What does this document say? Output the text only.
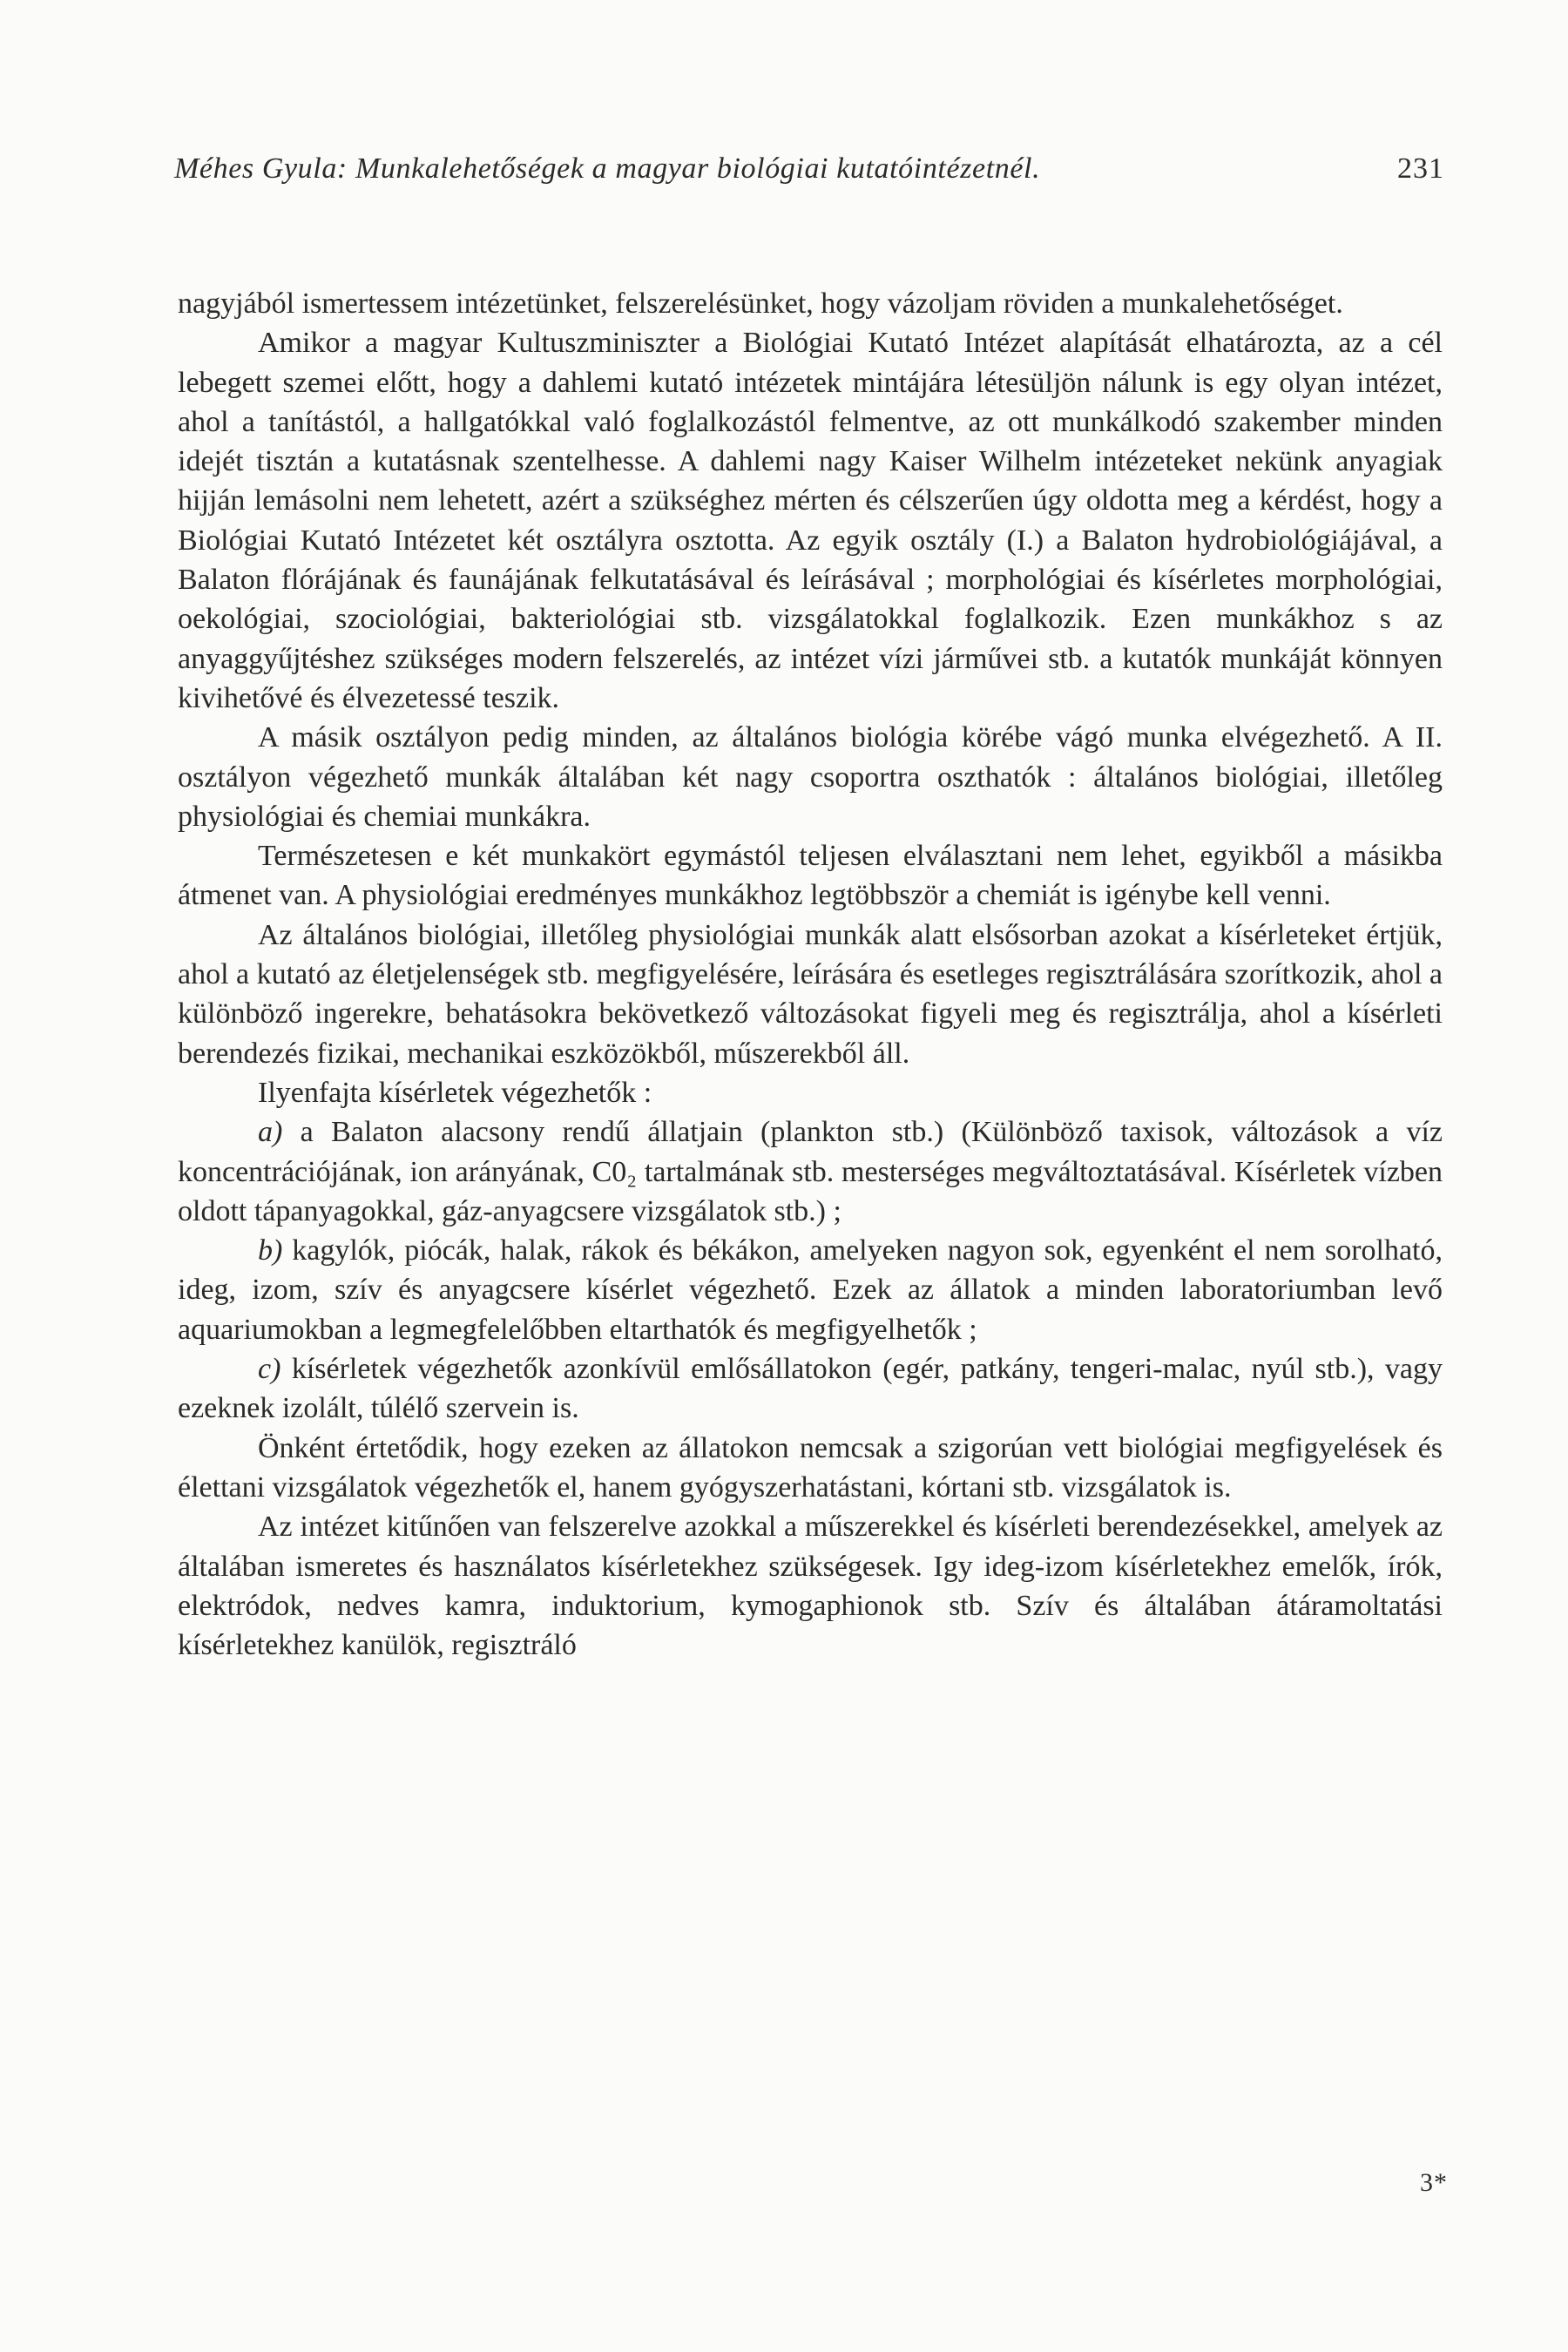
Méhes Gyula: Munkalehetőségek a magyar biológiai kutatóintézetnél.	231

nagyjából ismertessem intézetünket, felszerelésünket, hogy vázoljam röviden a munkalehetőséget.

Amikor a magyar Kultuszminiszter a Biológiai Kutató Intézet alapítását elhatározta, az a cél lebegett szemei előtt, hogy a dahlemi kutató intézetek mintájára létesüljön nálunk is egy olyan intézet, ahol a tanítástól, a hallgatókkal való foglalkozástól felmentve, az ott munkálkodó szakember minden idejét tisztán a kutatásnak szentelhesse. A dahlemi nagy Kaiser Wilhelm intézeteket nekünk anyagiak hijján lemásolni nem lehetett, azért a szükséghez mérten és célszerűen úgy oldotta meg a kérdést, hogy a Biológiai Kutató Intézetet két osztályra osztotta. Az egyik osztály (I.) a Balaton hydrobiológiájával, a Balaton flórájának és faunájának felkutatásával és leírásával ; morphológiai és kísérletes morphológiai, oekológiai, szociológiai, bakteriológiai stb. vizsgálatokkal foglalkozik. Ezen munkákhoz s az anyaggyűjtéshez szükséges modern felszerelés, az intézet vízi járművei stb. a kutatók munkáját könnyen kivihetővé és élvezetessé teszik.

A másik osztályon pedig minden, az általános biológia körébe vágó munka elvégezhető. A II. osztályon végezhető munkák általában két nagy csoportra oszthatók : általános biológiai, illetőleg physiológiai és chemiai munkákra.

Természetesen e két munkakört egymástól teljesen elválasztani nem lehet, egyikből a másikba átmenet van. A physiológiai eredményes munkákhoz legtöbbször a chemiát is igénybe kell venni.

Az általános biológiai, illetőleg physiológiai munkák alatt elsősorban azokat a kísérleteket értjük, ahol a kutató az életjelenségek stb. megfigyelésére, leírására és esetleges regisztrálására szorítkozik, ahol a különböző ingerekre, behatásokra bekövetkező változásokat figyeli meg és regisztrálja, ahol a kísérleti berendezés fizikai, mechanikai eszközökből, műszerekből áll.

Ilyenfajta kísérletek végezhetők :

a) a Balaton alacsony rendű állatjain (plankton stb.) (Különböző taxisok, változások a víz koncentrációjának, ion arányának, C0₂ tartalmának stb. mesterséges megváltoztatásával. Kísérletek vízben oldott tápanyagokkal, gáz-anyagcsere vizsgálatok stb.) ;

b) kagylók, piócák, halak, rákok és békákon, amelyeken nagyon sok, egyenként el nem sorolható, ideg, izom, szív és anyagcsere kísérlet végezhető. Ezek az állatok a minden laboratoriumban levő aquariumokban a legmegfelelőbben eltarthatók és megfigyelhetők ;

c) kísérletek végezhetők azonkívül emlősállatokon (egér, patkány, tengeri-malac, nyúl stb.), vagy ezeknek izolált, túlélő szervein is.

Önként értetődik, hogy ezeken az állatokon nemcsak a szigorúan vett biológiai megfigyelések és élettani vizsgálatok végezhetők el, hanem gyógyszerhatástani, kórtani stb. vizsgálatok is.

Az intézet kitűnően van felszerelve azokkal a műszerekkel és kísérleti berendezésekkel, amelyek az általában ismeretes és használatos kísérletekhez szükségesek. Igy ideg-izom kísérletekhez emelők, írók, elektródok, nedves kamra, induktorium, kymogaphionok stb. Szív és általában átáramoltatási kísérletekhez kanülök, regisztráló

3*
